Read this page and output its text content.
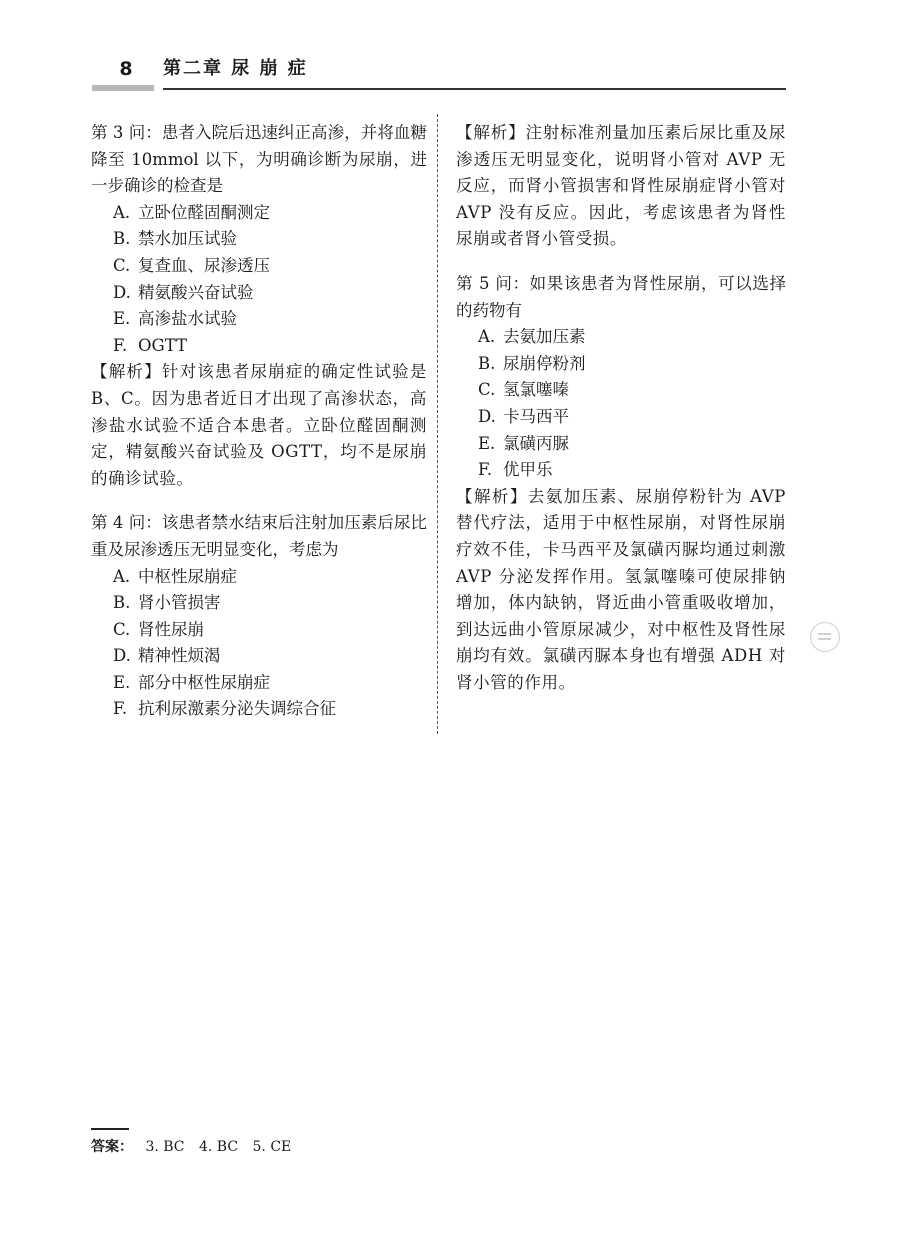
8 第二章 尿 崩 症
第 3 问：患者入院后迅速纠正高渗，并将血糖降至 10mmol 以下，为明确诊断为尿崩，进一步确诊的检查是
A. 立卧位醛固酮测定
B. 禁水加压试验
C. 复查血、尿渗透压
D. 精氨酸兴奋试验
E. 高渗盐水试验
F. OGTT
【解析】针对该患者尿崩症的确定性试验是 B、C。因为患者近日才出现了高渗状态，高渗盐水试验不适合本患者。立卧位醛固酮测定，精氨酸兴奋试验及 OGTT，均不是尿崩的确诊试验。
第 4 问：该患者禁水结束后注射加压素后尿比重及尿渗透压无明显变化，考虑为
A. 中枢性尿崩症
B. 肾小管损害
C. 肾性尿崩
D. 精神性烦渴
E. 部分中枢性尿崩症
F. 抗利尿激素分泌失调综合征
【解析】注射标准剂量加压素后尿比重及尿渗透压无明显变化，说明肾小管对 AVP 无反应，而肾小管损害和肾性尿崩症肾小管对 AVP 没有反应。因此，考虑该患者为肾性尿崩或者肾小管受损。
第 5 问：如果该患者为肾性尿崩，可以选择的药物有
A. 去氨加压素
B. 尿崩停粉剂
C. 氢氯噻嗪
D. 卡马西平
E. 氯磺丙脲
F. 优甲乐
【解析】去氨加压素、尿崩停粉针为 AVP 替代疗法，适用于中枢性尿崩，对肾性尿崩疗效不佳，卡马西平及氯磺丙脲均通过刺激 AVP 分泌发挥作用。氢氯噻嗪可使尿排钠增加，体内缺钠，肾近曲小管重吸收增加，到达远曲小管原尿减少，对中枢性及肾性尿崩均有效。氯磺丙脲本身也有增强 ADH 对肾小管的作用。
答案： 3. BC 4. BC 5. CE
